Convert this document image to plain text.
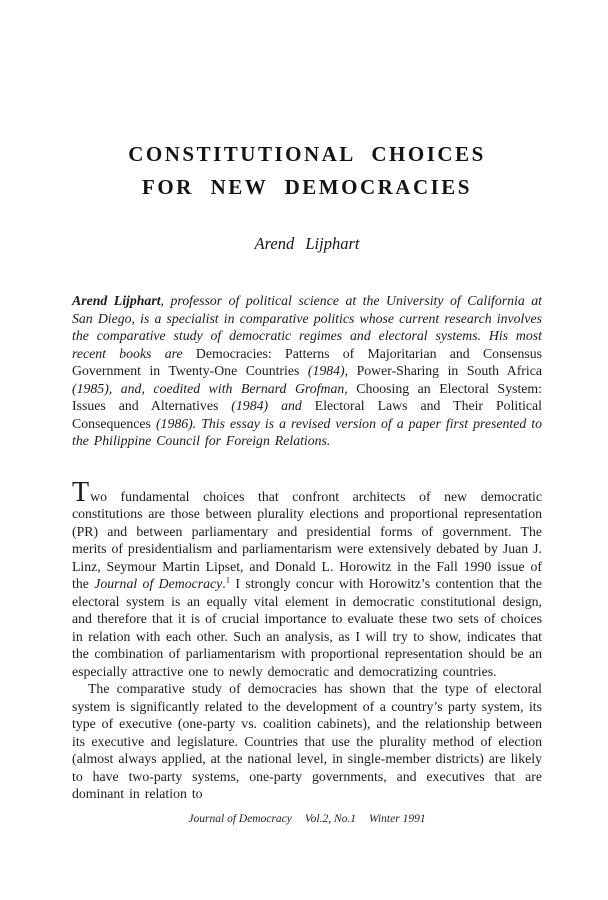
CONSTITUTIONAL CHOICES
FOR NEW DEMOCRACIES
Arend Lijphart

Arend Lijphart, professor of political science at the University of California at San Diego, is a specialist in comparative politics whose current research involves the comparative study of democratic regimes and electoral systems. His most recent books are Democracies: Patterns of Majoritarian and Consensus Government in Twenty-One Countries (1984), Power-Sharing in South Africa (1985), and, coedited with Bernard Grofman, Choosing an Electoral System: Issues and Alternatives (1984) and Electoral Laws and Their Political Consequences (1986). This essay is a revised version of a paper first presented to the Philippine Council for Foreign Relations.

Two fundamental choices that confront architects of new democratic constitutions are those between plurality elections and proportional representation (PR) and between parliamentary and presidential forms of government. The merits of presidentialism and parliamentarism were extensively debated by Juan J. Linz, Seymour Martin Lipset, and Donald L. Horowitz in the Fall 1990 issue of the Journal of Democracy.$^1$ I strongly concur with Horowitz’s contention that the electoral system is an equally vital element in democratic constitutional design, and therefore that it is of crucial importance to evaluate these two sets of choices in relation with each other. Such an analysis, as I will try to show, indicates that the combination of parliamentarism with proportional representation should be an especially attractive one to newly democratic and democratizing countries.

The comparative study of democracies has shown that the type of electoral system is significantly related to the development of a country’s party system, its type of executive (one-party vs. coalition cabinets), and the relationship between its executive and legislature. Countries that use the plurality method of election (almost always applied, at the national level, in single-member districts) are likely to have two-party systems, one-party governments, and executives that are dominant in relation to

Journal of Democracy Vol.2, No.1 Winter 1991
